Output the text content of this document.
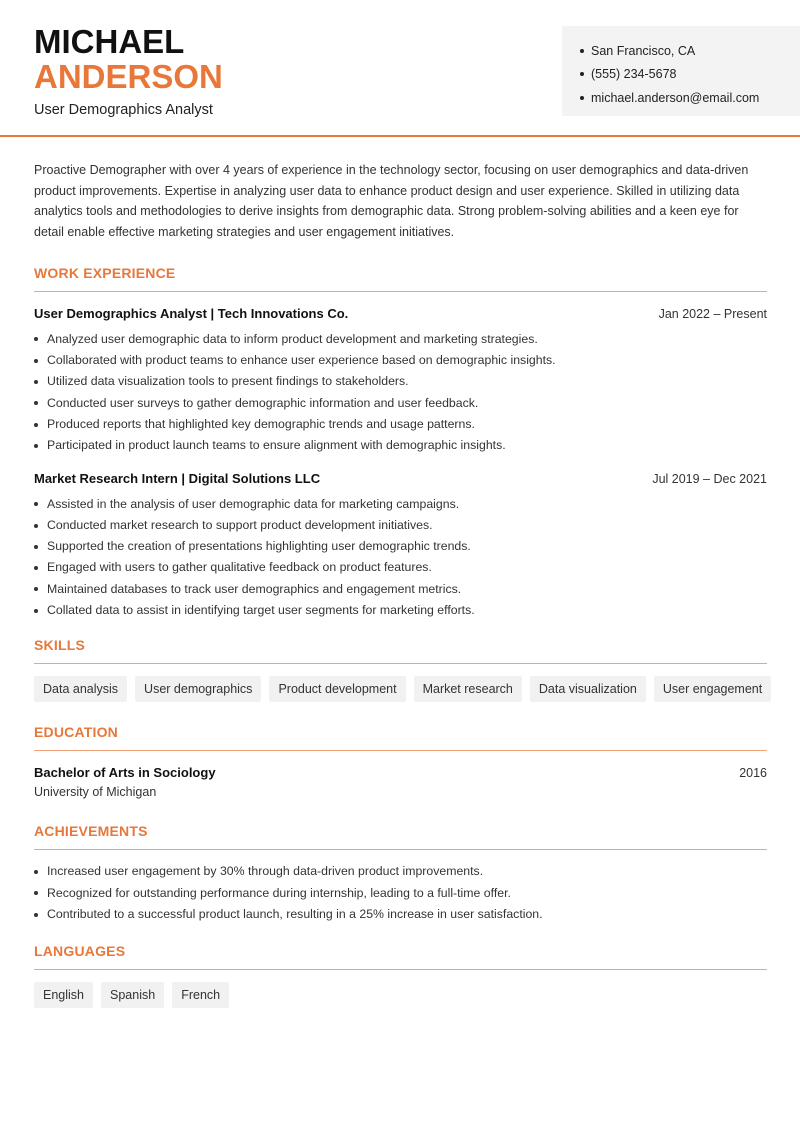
MICHAEL
ANDERSON
User Demographics Analyst
San Francisco, CA
(555) 234-5678
michael.anderson@email.com

Proactive Demographer with over 4 years of experience in the technology sector, focusing on user demographics and data-driven product improvements. Expertise in analyzing user data to enhance product design and user experience. Skilled in utilizing data analytics tools and methodologies to derive insights from demographic data. Strong problem-solving abilities and a keen eye for detail enable effective marketing strategies and user engagement initiatives.

WORK EXPERIENCE
User Demographics Analyst | Tech Innovations Co.	Jan 2022 – Present
Analyzed user demographic data to inform product development and marketing strategies.
Collaborated with product teams to enhance user experience based on demographic insights.
Utilized data visualization tools to present findings to stakeholders.
Conducted user surveys to gather demographic information and user feedback.
Produced reports that highlighted key demographic trends and usage patterns.
Participated in product launch teams to ensure alignment with demographic insights.
Market Research Intern | Digital Solutions LLC	Jul 2019 – Dec 2021
Assisted in the analysis of user demographic data for marketing campaigns.
Conducted market research to support product development initiatives.
Supported the creation of presentations highlighting user demographic trends.
Engaged with users to gather qualitative feedback on product features.
Maintained databases to track user demographics and engagement metrics.
Collated data to assist in identifying target user segments for marketing efforts.
SKILLS
Data analysis	User demographics	Product development	Market research	Data visualization	User engagement
EDUCATION
Bachelor of Arts in Sociology	2016
University of Michigan
ACHIEVEMENTS
Increased user engagement by 30% through data-driven product improvements.
Recognized for outstanding performance during internship, leading to a full-time offer.
Contributed to a successful product launch, resulting in a 25% increase in user satisfaction.
LANGUAGES
English	Spanish	French
